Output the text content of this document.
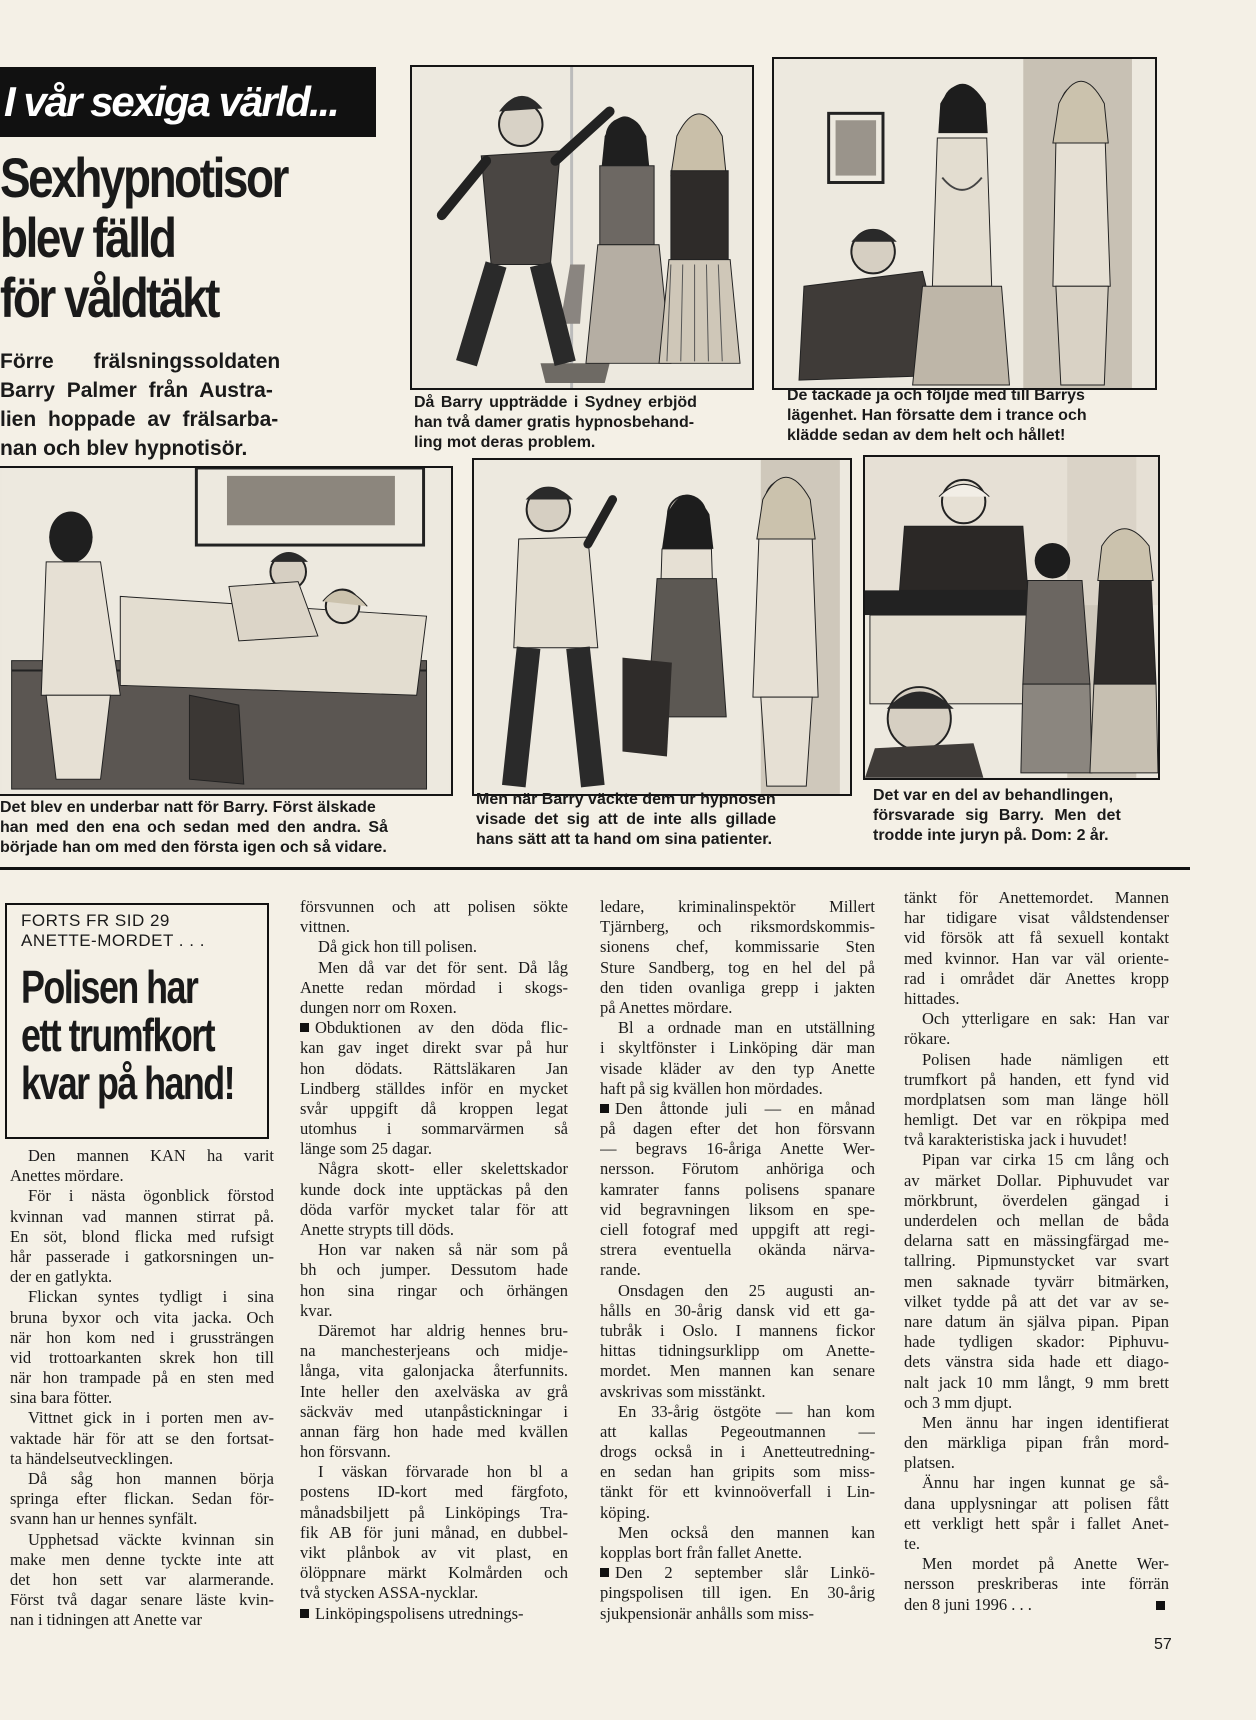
I vår sexiga värld...
Sexhypnotisor
blev fälld
för våldtäkt
Förre frälsningssoldaten
Barry Palmer från Austra-
lien hoppade av frälsarba-
nan och blev hypnotisör.
Då Barry uppträdde i Sydney erbjöd
han två damer gratis hypnosbehand-
ling mot deras problem.
De tackade ja och följde med till Barrys
lägenhet. Han försatte dem i trance och
klädde sedan av dem helt och hållet!
Det blev en underbar natt för Barry. Först älskade
han med den ena och sedan med den andra. Så
började han om med den första igen och så vidare.
Men när Barry väckte dem ur hypnosen
visade det sig att de inte alls gillade
hans sätt att ta hand om sina patienter.
Det var en del av behandlingen,
försvarade sig Barry. Men det
trodde inte juryn på. Dom: 2 år.
FORTS FR SID 29
ANETTE-MORDET . . .
Polisen har
ett trumfkort
kvar på hand!
Den mannen KAN ha varit
Anettes mördare.
För i nästa ögonblick förstod
kvinnan vad mannen stirrat på.
En söt, blond flicka med rufsigt
hår passerade i gatkorsningen un-
der en gatlykta.
Flickan syntes tydligt i sina
bruna byxor och vita jacka. Och
när hon kom ned i grussträngen
vid trottoarkanten skrek hon till
när hon trampade på en sten med
sina bara fötter.
Vittnet gick in i porten men av-
vaktade här för att se den fortsat-
ta händelseutvecklingen.
Då såg hon mannen börja
springa efter flickan. Sedan för-
svann han ur hennes synfält.
Upphetsad väckte kvinnan sin
make men denne tyckte inte att
det hon sett var alarmerande.
Först två dagar senare läste kvin-
nan i tidningen att Anette var
försvunnen och att polisen sökte
vittnen.
Då gick hon till polisen.
Men då var det för sent. Då låg
Anette redan mördad i skogs-
dungen norr om Roxen.
Obduktionen av den döda flic-
kan gav inget direkt svar på hur
hon dödats. Rättsläkaren Jan
Lindberg ställdes inför en mycket
svår uppgift då kroppen legat
utomhus i sommarvärmen så
länge som 25 dagar.
Några skott- eller skelettskador
kunde dock inte upptäckas på den
döda varför mycket talar för att
Anette strypts till döds.
Hon var naken så när som på
bh och jumper. Dessutom hade
hon sina ringar och örhängen
kvar.
Däremot har aldrig hennes bru-
na manchesterjeans och midje-
långa, vita galonjacka återfunnits.
Inte heller den axelväska av grå
säckväv med utanpåstickningar i
annan färg hon hade med kvällen
hon försvann.
I väskan förvarade hon bl a
postens ID-kort med färgfoto,
månadsbiljett på Linköpings Tra-
fik AB för juni månad, en dubbel-
vikt plånbok av vit plast, en
ölöppnare märkt Kolmården och
två stycken ASSA-nycklar.
Linköpingspolisens utrednings-
ledare, kriminalinspektör Millert
Tjärnberg, och riksmordskommis-
sionens chef, kommissarie Sten
Sture Sandberg, tog en hel del på
den tiden ovanliga grepp i jakten
på Anettes mördare.
Bl a ordnade man en utställning
i skyltfönster i Linköping där man
visade kläder av den typ Anette
haft på sig kvällen hon mördades.
Den åttonde juli — en månad
på dagen efter det hon försvann
— begravs 16-åriga Anette Wer-
nersson. Förutom anhöriga och
kamrater fanns polisens spanare
vid begravningen liksom en spe-
ciell fotograf med uppgift att regi-
strera eventuella okända närva-
rande.
Onsdagen den 25 augusti an-
hålls en 30-årig dansk vid ett ga-
tubråk i Oslo. I mannens fickor
hittas tidningsurklipp om Anette-
mordet. Men mannen kan senare
avskrivas som misstänkt.
En 33-årig östgöte — han kom
att kallas Pegeoutmannen —
drogs också in i Anetteutredning-
en sedan han gripits som miss-
tänkt för ett kvinnoöverfall i Lin-
köping.
Men också den mannen kan
kopplas bort från fallet Anette.
Den 2 september slår Linkö-
pingspolisen till igen. En 30-årig
sjukpensionär anhålls som miss-
tänkt för Anettemordet. Mannen
har tidigare visat våldstendenser
vid försök att få sexuell kontakt
med kvinnor. Han var väl oriente-
rad i området där Anettes kropp
hittades.
Och ytterligare en sak: Han var
rökare.
Polisen hade nämligen ett
trumfkort på handen, ett fynd vid
mordplatsen som man länge höll
hemligt. Det var en rökpipa med
två karakteristiska jack i huvudet!
Pipan var cirka 15 cm lång och
av märket Dollar. Piphuvudet var
mörkbrunt, överdelen gängad i
underdelen och mellan de båda
delarna satt en mässingfärgad me-
tallring. Pipmunstycket var svart
men saknade tyvärr bitmärken,
vilket tydde på att det var av se-
nare datum än själva pipan. Pipan
hade tydligen skador: Piphuvu-
dets vänstra sida hade ett diago-
nalt jack 10 mm långt, 9 mm brett
och 3 mm djupt.
Men ännu har ingen identifierat
den märkliga pipan från mord-
platsen.
Ännu har ingen kunnat ge så-
dana upplysningar att polisen fått
ett verkligt hett spår i fallet Anet-
te.
Men mordet på Anette Wer-
nersson preskriberas inte förrän
den 8 juni 1996 . . .
57
